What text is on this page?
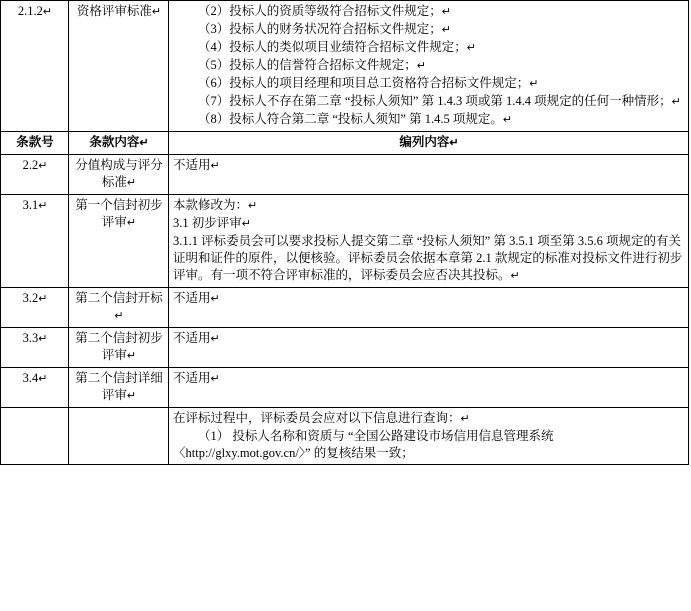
2.1.2↵	资格评审标准↵	（2）投标人的资质等级符合招标文件规定；↵

（3）投标人的财务状况符合招标文件规定；↵

（4）投标人的类似项目业绩符合招标文件规定；↵

（5）投标人的信誉符合招标文件规定；↵

（6）投标人的项目经理和项目总工资格符合招标文件规定；↵

（7）投标人不存在第二章 “投标人须知” 第 1.4.3 项或第 1.4.4 项规定的任何一种情形；↵

（8）投标人符合第二章 “投标人须知” 第 1.4.5 项规定。↵

条款号	条款内容↵	编列内容↵
2.2↵	分值构成与评分标准↵	不适用↵

3.1↵	第一个信封初步评审↵	本款修改为：↵

3.1 初步评审↵

3.1.1 评标委员会可以要求投标人提交第二章 “投标人须知” 第 3.5.1 项至第 3.5.6 项规定的有关证明和证件的原件，以便核验。评标委员会依据本章第 2.1 款规定的标准对投标文件进行初步评审。有一项不符合评审标准的，评标委员会应否决其投标。↵

3.2↵	第二个信封开标↵	不适用↵

3.3↵	第二个信封初步评审↵	不适用↵

3.4↵	第二个信封详细评审↵	不适用↵

		在评标过程中，评标委员会应对以下信息进行查询：↵

（1） 投标人名称和资质与 “全国公路建设市场信用信息管理系统〈http://glxy.mot.gov.cn/〉” 的复核结果一致；
